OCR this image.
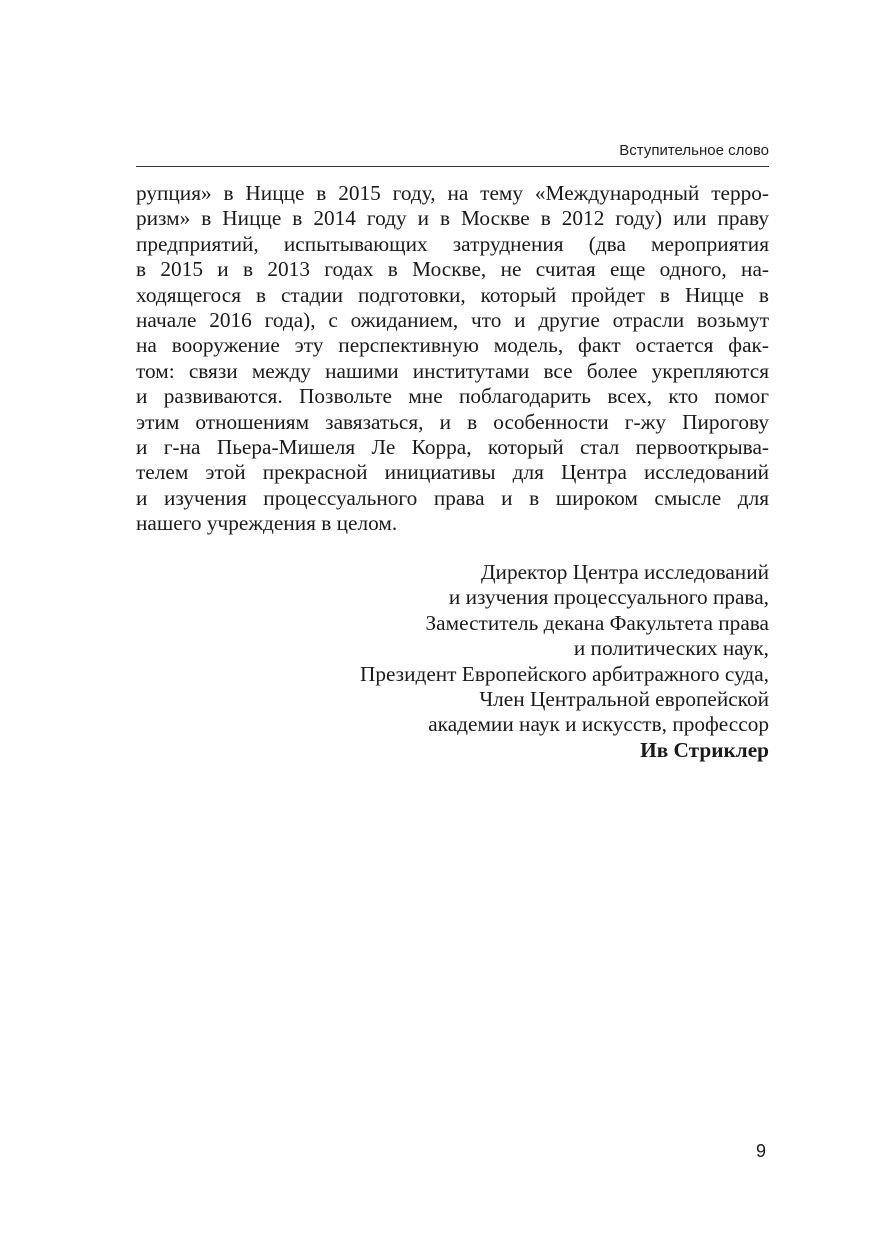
Вступительное слово
рупция» в Ницце в 2015 году, на тему «Международный терро-
ризм» в Ницце в 2014 году и в Москве в 2012 году) или праву
предприятий, испытывающих затруднения (два мероприятия
в 2015 и в 2013 годах в Москве, не считая еще одного, на-
ходящегося в стадии подготовки, который пройдет в Ницце в
начале 2016 года), с ожиданием, что и другие отрасли возьмут
на вооружение эту перспективную модель, факт остается фак-
том: связи между нашими институтами все более укрепляются
и развиваются. Позвольте мне поблагодарить всех, кто помог
этим отношениям завязаться, и в особенности г-жу Пирогову
и г-на Пьера-Мишеля Ле Корра, который стал первооткрыва-
телем этой прекрасной инициативы для Центра исследований
и изучения процессуального права и в широком смысле для
нашего учреждения в целом.
Директор Центра исследований
и изучения процессуального права,
Заместитель декана Факультета права
и политических наук,
Президент Европейского арбитражного суда,
Член Центральной европейской
академии наук и искусств, профессор
Ив Стриклер
9
